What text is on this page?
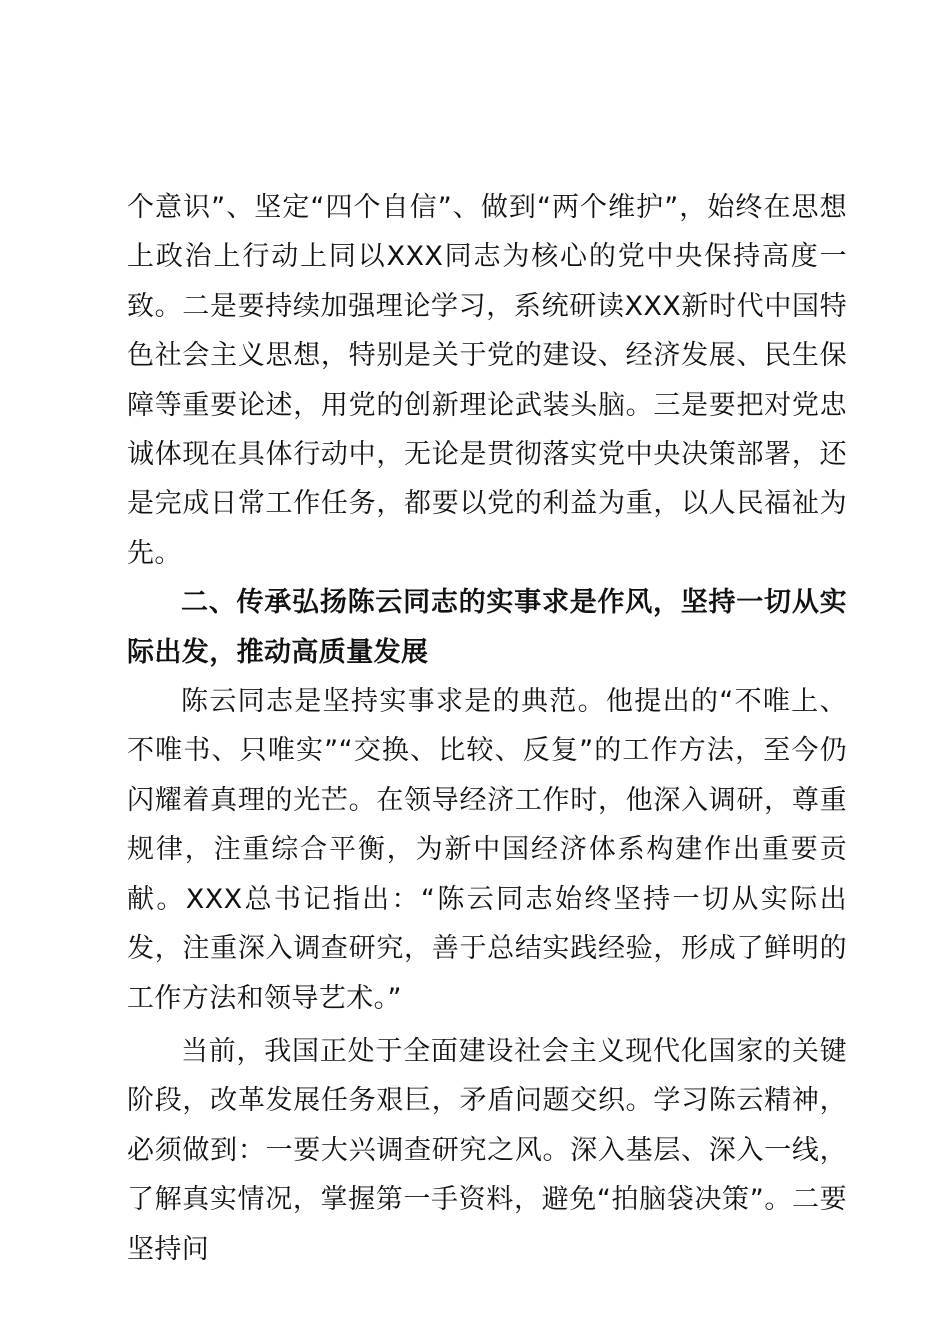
个意识”、坚定“四个自信”、做到“两个维护”，始终在思想上政治上行动上同以XXX同志为核心的党中央保持高度一致。二是要持续加强理论学习，系统研读XXX新时代中国特色社会主义思想，特别是关于党的建设、经济发展、民生保障等重要论述，用党的创新理论武装头脑。三是要把对党忠诚体现在具体行动中，无论是贯彻落实党中央决策部署，还是完成日常工作任务，都要以党的利益为重，以人民福祉为先。

二、传承弘扬陈云同志的实事求是作风，坚持一切从实际出发，推动高质量发展

陈云同志是坚持实事求是的典范。他提出的“不唯上、不唯书、只唯实”“交换、比较、反复”的工作方法，至今仍闪耀着真理的光芒。在领导经济工作时，他深入调研，尊重规律，注重综合平衡，为新中国经济体系构建作出重要贡献。XXX总书记指出：“陈云同志始终坚持一切从实际出发，注重深入调查研究，善于总结实践经验，形成了鲜明的工作方法和领导艺术。”

当前，我国正处于全面建设社会主义现代化国家的关键阶段，改革发展任务艰巨，矛盾问题交织。学习陈云精神，必须做到：一要大兴调查研究之风。深入基层、深入一线，了解真实情况，掌握第一手资料，避免“拍脑袋决策”。二要坚持问
